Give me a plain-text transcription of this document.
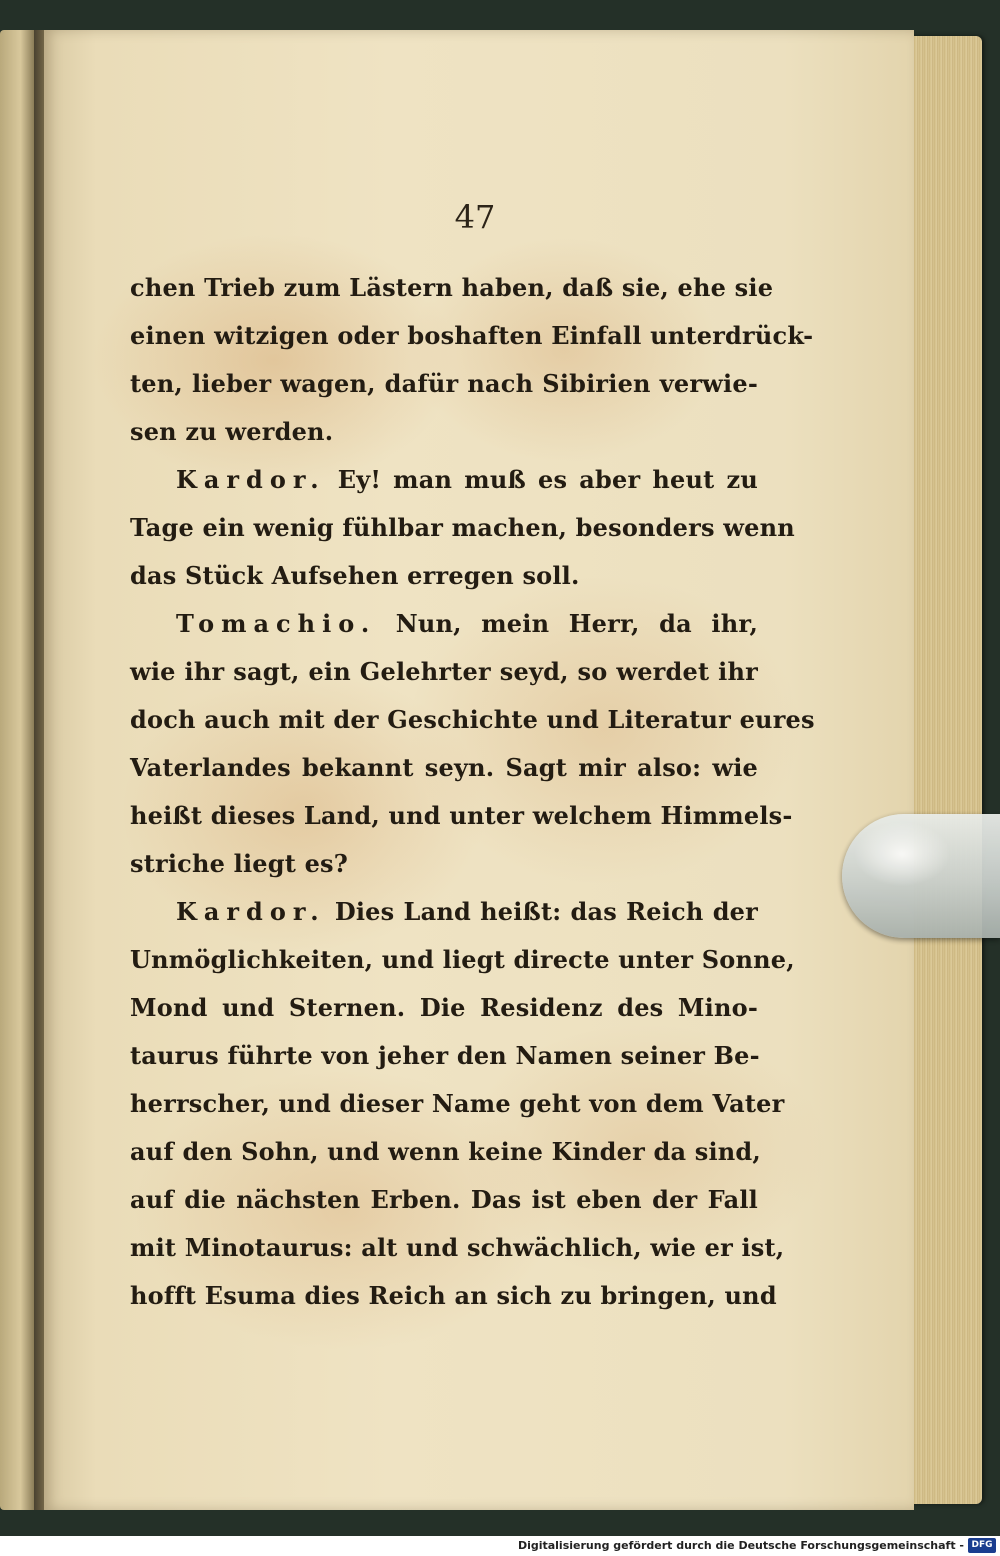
47
chen Trieb zum Lästern haben, daß sie, ehe sie
einen witzigen oder boshaften Einfall unterdrück-
ten, lieber wagen, dafür nach Sibirien verwie-
sen zu werden.
Kardor. Ey! man muß es aber heut zu
Tage ein wenig fühlbar machen, besonders wenn
das Stück Aufsehen erregen soll.
Tomachio. Nun, mein Herr, da ihr,
wie ihr sagt, ein Gelehrter seyd, so werdet ihr
doch auch mit der Geschichte und Literatur eures
Vaterlandes bekannt seyn. Sagt mir also: wie
heißt dieses Land, und unter welchem Himmels-
striche liegt es?
Kardor. Dies Land heißt: das Reich der
Unmöglichkeiten, und liegt directe unter Sonne,
Mond und Sternen. Die Residenz des Mino-
taurus führte von jeher den Namen seiner Be-
herrscher, und dieser Name geht von dem Vater
auf den Sohn, und wenn keine Kinder da sind,
auf die nächsten Erben. Das ist eben der Fall
mit Minotaurus: alt und schwächlich, wie er ist,
hofft Esuma dies Reich an sich zu bringen, und
Digitalisierung gefördert durch die Deutsche Forschungsgemeinschaft - DFG
